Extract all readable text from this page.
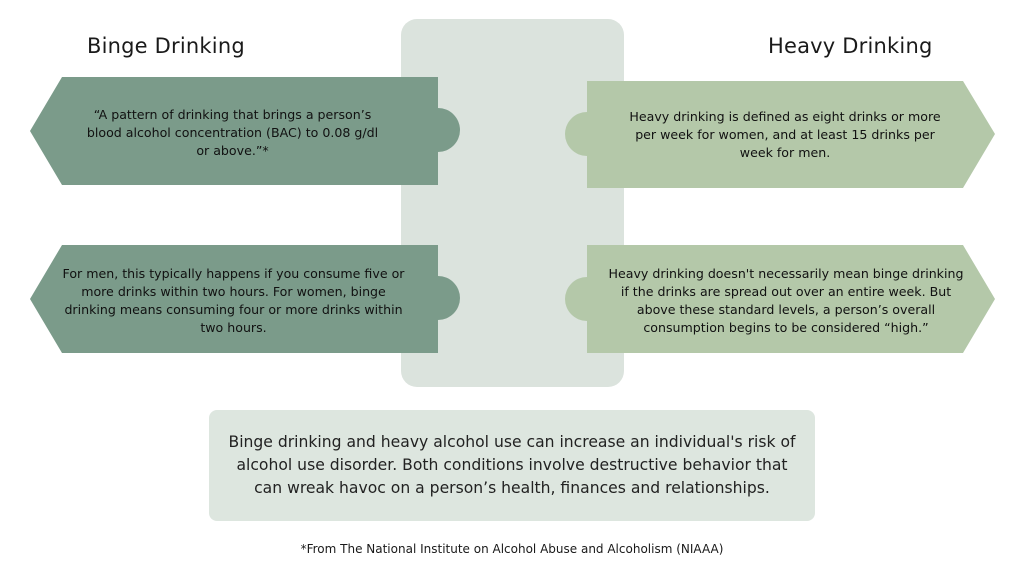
Binge Drinking	Heavy Drinking
“A pattern of drinking that brings a person’s blood alcohol concentration (BAC) to 0.08 g/dl or above.”*
For men, this typically happens if you consume five or more drinks within two hours. For women, binge drinking means consuming four or more drinks within two hours.
Heavy drinking is defined as eight drinks or more per week for women, and at least 15 drinks per week for men.
Heavy drinking doesn't necessarily mean binge drinking if the drinks are spread out over an entire week. But above these standard levels, a person’s overall consumption begins to be considered “high.”

Binge drinking and heavy alcohol use can increase an individual's risk of alcohol use disorder. Both conditions involve destructive behavior that can wreak havoc on a person’s health, finances and relationships.

*From The National Institute on Alcohol Abuse and Alcoholism (NIAAA)
